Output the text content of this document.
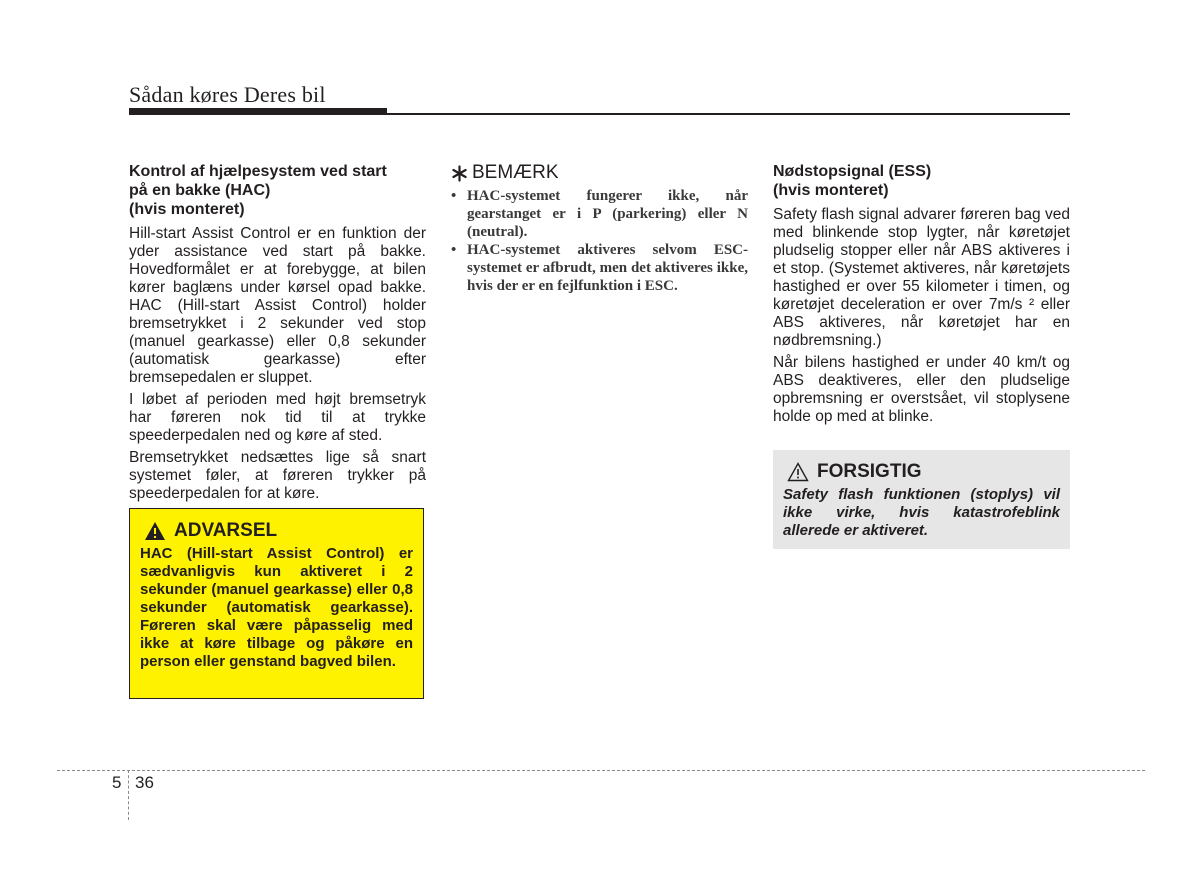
Sådan køres Deres bil
Kontrol af hjælpesystem ved start
på en bakke (HAC)
(hvis monteret)

Hill-start Assist Control er en funktion der yder assistance ved start på bakke. Hovedformålet er at forebygge, at bilen kører baglæns under kørsel opad bakke. HAC (Hill-start Assist Control) holder bremsetrykket i 2 sekunder ved stop (manuel gearkasse) eller 0,8 sekunder (automatisk gearkasse) efter bremsepedalen er sluppet.

I løbet af perioden med højt bremsetryk har føreren nok tid til at trykke speederpedalen ned og køre af sted.

Bremsetrykket nedsættes lige så snart systemet føler, at føreren trykker på speederpedalen for at køre.

ADVARSEL

HAC (Hill-start Assist Control) er sædvanligvis kun aktiveret i 2 sekunder (manuel gearkasse) eller 0,8 sekunder (automatisk gearkasse). Føreren skal være påpasselig med ikke at køre tilbage og påkøre en person eller genstand bagved bilen.

BEMÆRK
• HAC-systemet fungerer ikke, når gearstanget er i P (parkering) eller N (neutral).
• HAC-systemet aktiveres selvom ESC-systemet er afbrudt, men det aktiveres ikke, hvis der er en fejlfunktion i ESC.
Nødstopsignal (ESS)
(hvis monteret)

Safety flash signal advarer føreren bag ved med blinkende stop lygter, når køretøjet pludselig stopper eller når ABS aktiveres i et stop. (Systemet aktiveres, når køretøjets hastighed er over 55 kilometer i timen, og køretøjet deceleration er over 7m/s ² eller ABS aktiveres, når køretøjet har en nødbremsning.)

Når bilens hastighed er under 40 km/t og ABS deaktiveres, eller den pludselige opbremsning er overstsået, vil stoplysene holde op med at blinke.

FORSIGTIG

Safety flash funktionen (stoplys) vil ikke virke, hvis katastrofeblink allerede er aktiveret.

5 36
